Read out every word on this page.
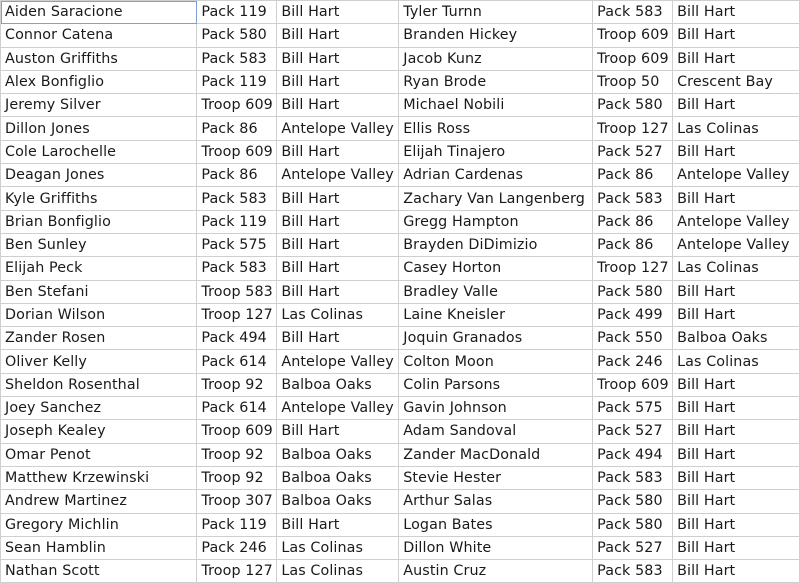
Aiden Saracione	Pack 119	Bill Hart	Tyler Turnn	Pack 583	Bill Hart
Connor Catena	Pack 580	Bill Hart	Branden Hickey	Troop 609	Bill Hart
Auston Griffiths	Pack 583	Bill Hart	Jacob Kunz	Troop 609	Bill Hart
Alex Bonfiglio	Pack 119	Bill Hart	Ryan Brode	Troop 50	Crescent Bay
Jeremy Silver	Troop 609	Bill Hart	Michael Nobili	Pack 580	Bill Hart
Dillon Jones	Pack 86	Antelope Valley	Ellis Ross	Troop 127	Las Colinas
Cole Larochelle	Troop 609	Bill Hart	Elijah Tinajero	Pack 527	Bill Hart
Deagan Jones	Pack 86	Antelope Valley	Adrian Cardenas	Pack 86	Antelope Valley
Kyle Griffiths	Pack 583	Bill Hart	Zachary Van Langenberg	Pack 583	Bill Hart
Brian Bonfiglio	Pack 119	Bill Hart	Gregg Hampton	Pack 86	Antelope Valley
Ben Sunley	Pack 575	Bill Hart	Brayden DiDimizio	Pack 86	Antelope Valley
Elijah Peck	Pack 583	Bill Hart	Casey Horton	Troop 127	Las Colinas
Ben Stefani	Troop 583	Bill Hart	Bradley Valle	Pack 580	Bill Hart
Dorian Wilson	Troop 127	Las Colinas	Laine Kneisler	Pack 499	Bill Hart
Zander Rosen	Pack 494	Bill Hart	Joquin Granados	Pack 550	Balboa Oaks
Oliver Kelly	Pack 614	Antelope Valley	Colton Moon	Pack 246	Las Colinas
Sheldon Rosenthal	Troop 92	Balboa Oaks	Colin Parsons	Troop 609	Bill Hart
Joey Sanchez	Pack 614	Antelope Valley	Gavin Johnson	Pack 575	Bill Hart
Joseph Kealey	Troop 609	Bill Hart	Adam Sandoval	Pack 527	Bill Hart
Omar Penot	Troop 92	Balboa Oaks	Zander MacDonald	Pack 494	Bill Hart
Matthew Krzewinski	Troop 92	Balboa Oaks	Stevie Hester	Pack 583	Bill Hart
Andrew Martinez	Troop 307	Balboa Oaks	Arthur Salas	Pack 580	Bill Hart
Gregory Michlin	Pack 119	Bill Hart	Logan Bates	Pack 580	Bill Hart
Sean Hamblin	Pack 246	Las Colinas	Dillon White	Pack 527	Bill Hart
Nathan Scott	Troop 127	Las Colinas	Austin Cruz	Pack 583	Bill Hart
